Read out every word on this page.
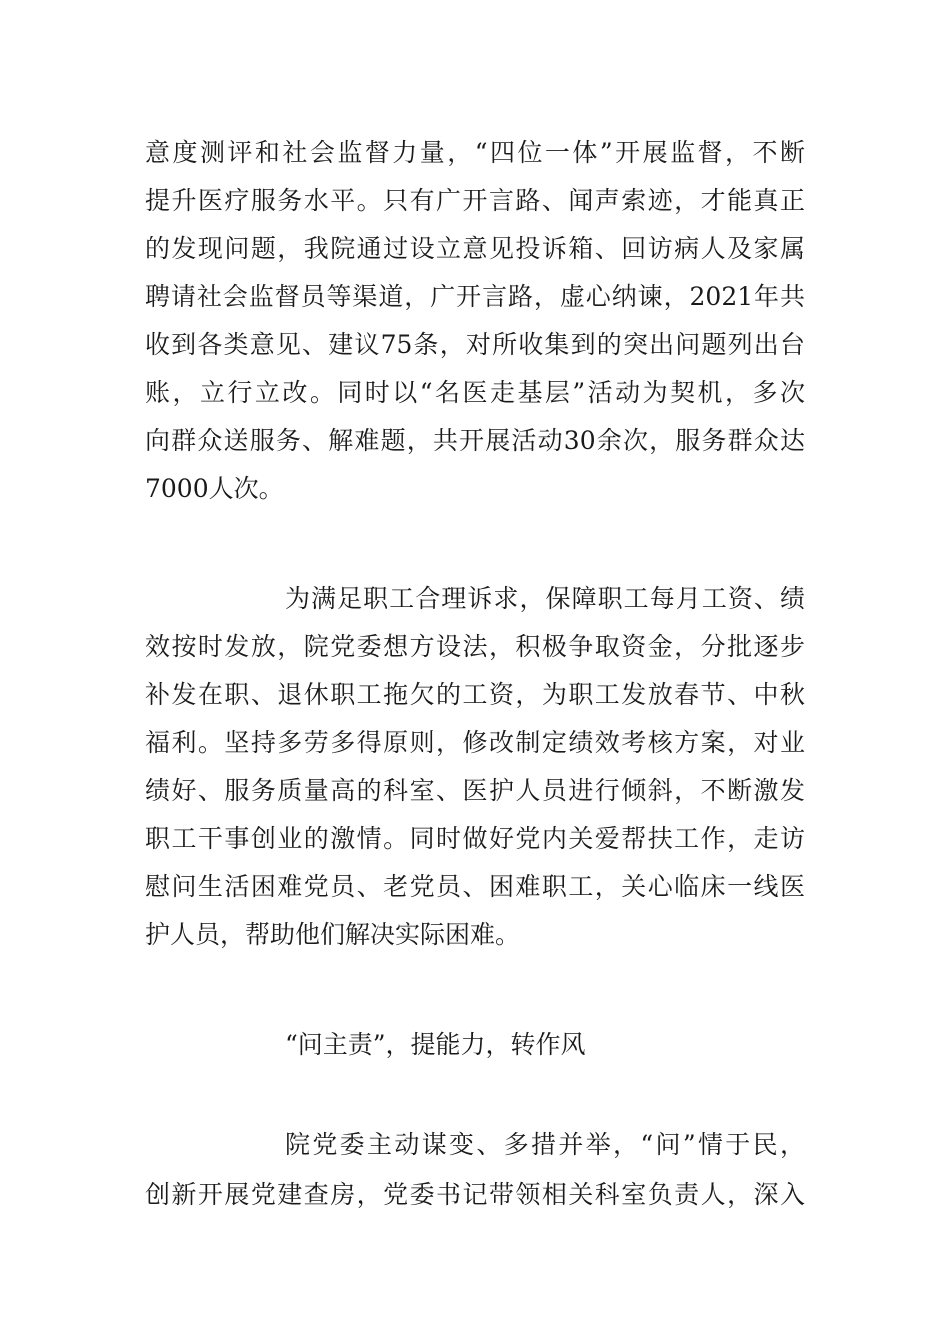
意度测评和社会监督力量，“四位一体”开展监督，不断
提升医疗服务水平。只有广开言路、闻声索迹，才能真正
的发现问题，我院通过设立意见投诉箱、回访病人及家属
聘请社会监督员等渠道，广开言路，虚心纳谏，2021年共
收到各类意见、建议75条，对所收集到的突出问题列出台
账，立行立改。同时以“名医走基层”活动为契机，多次
向群众送服务、解难题，共开展活动30余次，服务群众达
7000人次。
为满足职工合理诉求，保障职工每月工资、绩
效按时发放，院党委想方设法，积极争取资金，分批逐步
补发在职、退休职工拖欠的工资，为职工发放春节、中秋
福利。坚持多劳多得原则，修改制定绩效考核方案，对业
绩好、服务质量高的科室、医护人员进行倾斜，不断激发
职工干事创业的激情。同时做好党内关爱帮扶工作，走访
慰问生活困难党员、老党员、困难职工，关心临床一线医
护人员，帮助他们解决实际困难。
“问主责”，提能力，转作风
院党委主动谋变、多措并举，“问”情于民，
创新开展党建查房，党委书记带领相关科室负责人，深入
